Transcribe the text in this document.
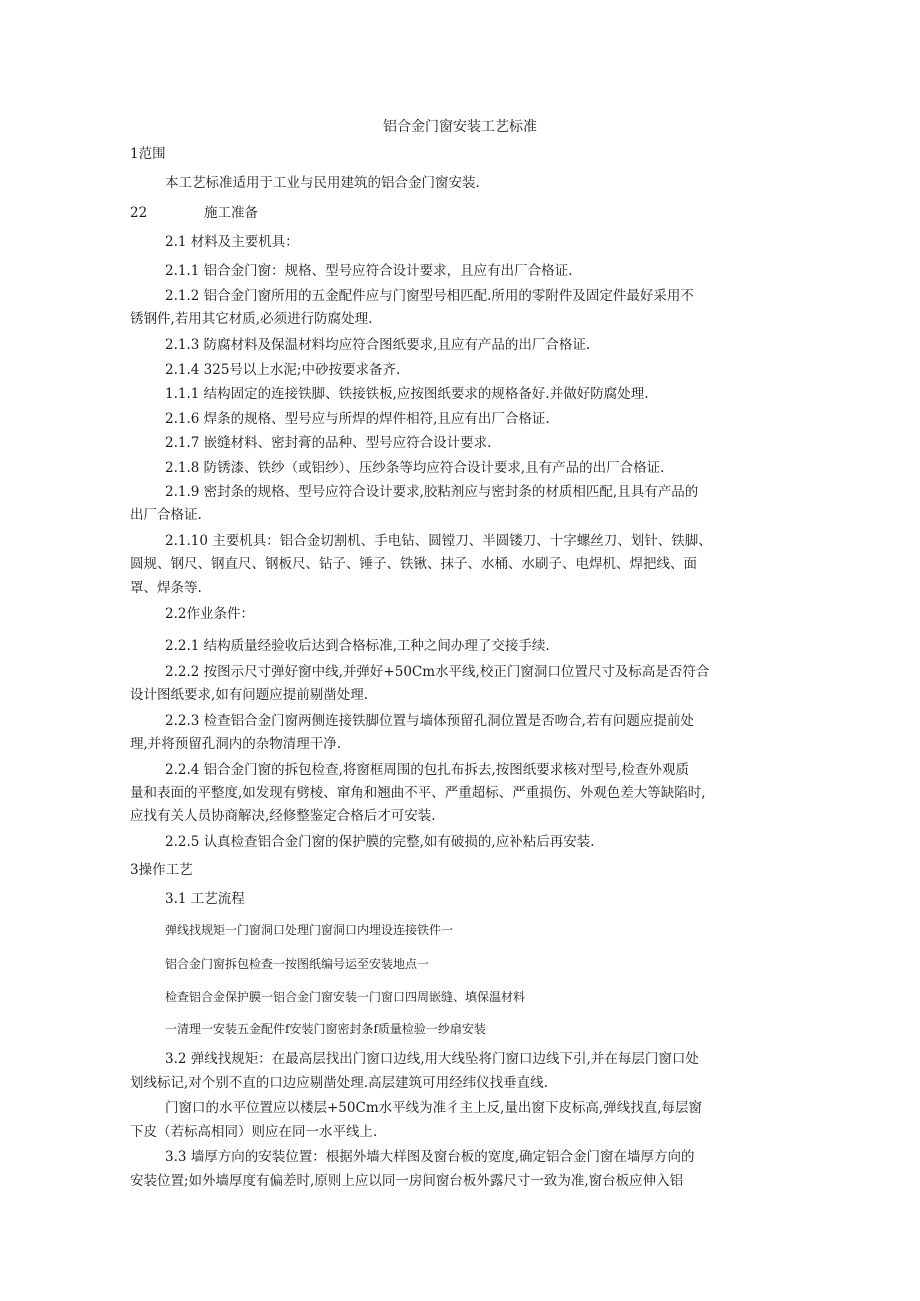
铝合金门窗安装工艺标准
1范围
本工艺标准适用于工业与民用建筑的铝合金门窗安装.
22	施工准备
2.1 材料及主要机具：
2.1.1 铝合金门窗：规格、型号应符合设计要求，且应有出厂合格证.
2.1.2 铝合金门窗所用的五金配件应与门窗型号相匹配.所用的零附件及固定件最好采用不
锈钢件,若用其它材质,必须进行防腐处理.
2.1.3 防腐材料及保温材料均应符合图纸要求,且应有产品的出厂合格证.
2.1.4 325号以上水泥;中砂按要求备齐.
1.1.1 结构固定的连接铁脚、铁接铁板,应按图纸要求的规格备好.并做好防腐处理.
2.1.6 焊条的规格、型号应与所焊的焊件相符,且应有出厂合格证.
2.1.7 嵌缝材料、密封膏的品种、型号应符合设计要求.
2.1.8 防锈漆、铁纱（或铝纱）、压纱条等均应符合设计要求,且有产品的出厂合格证.
2.1.9 密封条的规格、型号应符合设计要求,胶粘剂应与密封条的材质相匹配,且具有产品的
出厂合格证.
2.1.10 主要机具：铝合金切割机、手电钻、圆镗刀、半圆镂刀、十字螺丝刀、划针、铁脚、
圆规、钢尺、钢直尺、钢板尺、钻子、锤子、铁锹、抹子、水桶、水刷子、电焊机、焊把线、面
罩、焊条等.
2.2作业条件：
2.2.1 结构质量经验收后达到合格标准,工种之间办理了交接手续.
2.2.2 按图示尺寸弹好窗中线,并弹好+50Cm水平线,校正门窗洞口位置尺寸及标高是否符合
设计图纸要求,如有问题应提前剔凿处理.
2.2.3 检查铝合金门窗两侧连接铁脚位置与墙体预留孔洞位置是否吻合,若有问题应提前处
理,并将预留孔洞内的杂物清理干净.
2.2.4 铝合金门窗的拆包检查,将窗框周围的包扎布拆去,按图纸要求核对型号,检查外观质
量和表面的平整度,如发现有劈棱、窜角和翘曲不平、严重超标、严重损伤、外观色差大等缺陷时,
应找有关人员协商解决,经修整鉴定合格后才可安装.
2.2.5 认真检查铝合金门窗的保护膜的完整,如有破损的,应补粘后再安装.
3操作工艺
3.1 工艺流程
弹线找规矩一门窗洞口处理门窗洞口内埋设连接铁件一
铝合金门窗拆包检查一按图纸编号运至安装地点一
检查铝合金保护膜一铝合金门窗安装一门窗口四周嵌缝、填保温材料
一清理一安装五金配件f安装门窗密封条f质量检验一纱扇安装
3.2 弹线找规矩：在最高层找出门窗口边线,用大线坠将门窗口边线下引,并在每层门窗口处
划线标记,对个别不直的口边应剔凿处理.高层建筑可用经纬仪找垂直线.
门窗口的水平位置应以楼层+50Cm水平线为准彳主上反,量出窗下皮标高,弹线找直,每层窗
下皮（若标高相同）则应在同一水平线上.
3.3 墙厚方向的安装位置：根据外墙大样图及窗台板的宽度,确定铝合金门窗在墙厚方向的
安装位置;如外墙厚度有偏差时,原则上应以同一房间窗台板外露尺寸一致为准,窗台板应伸入铝
